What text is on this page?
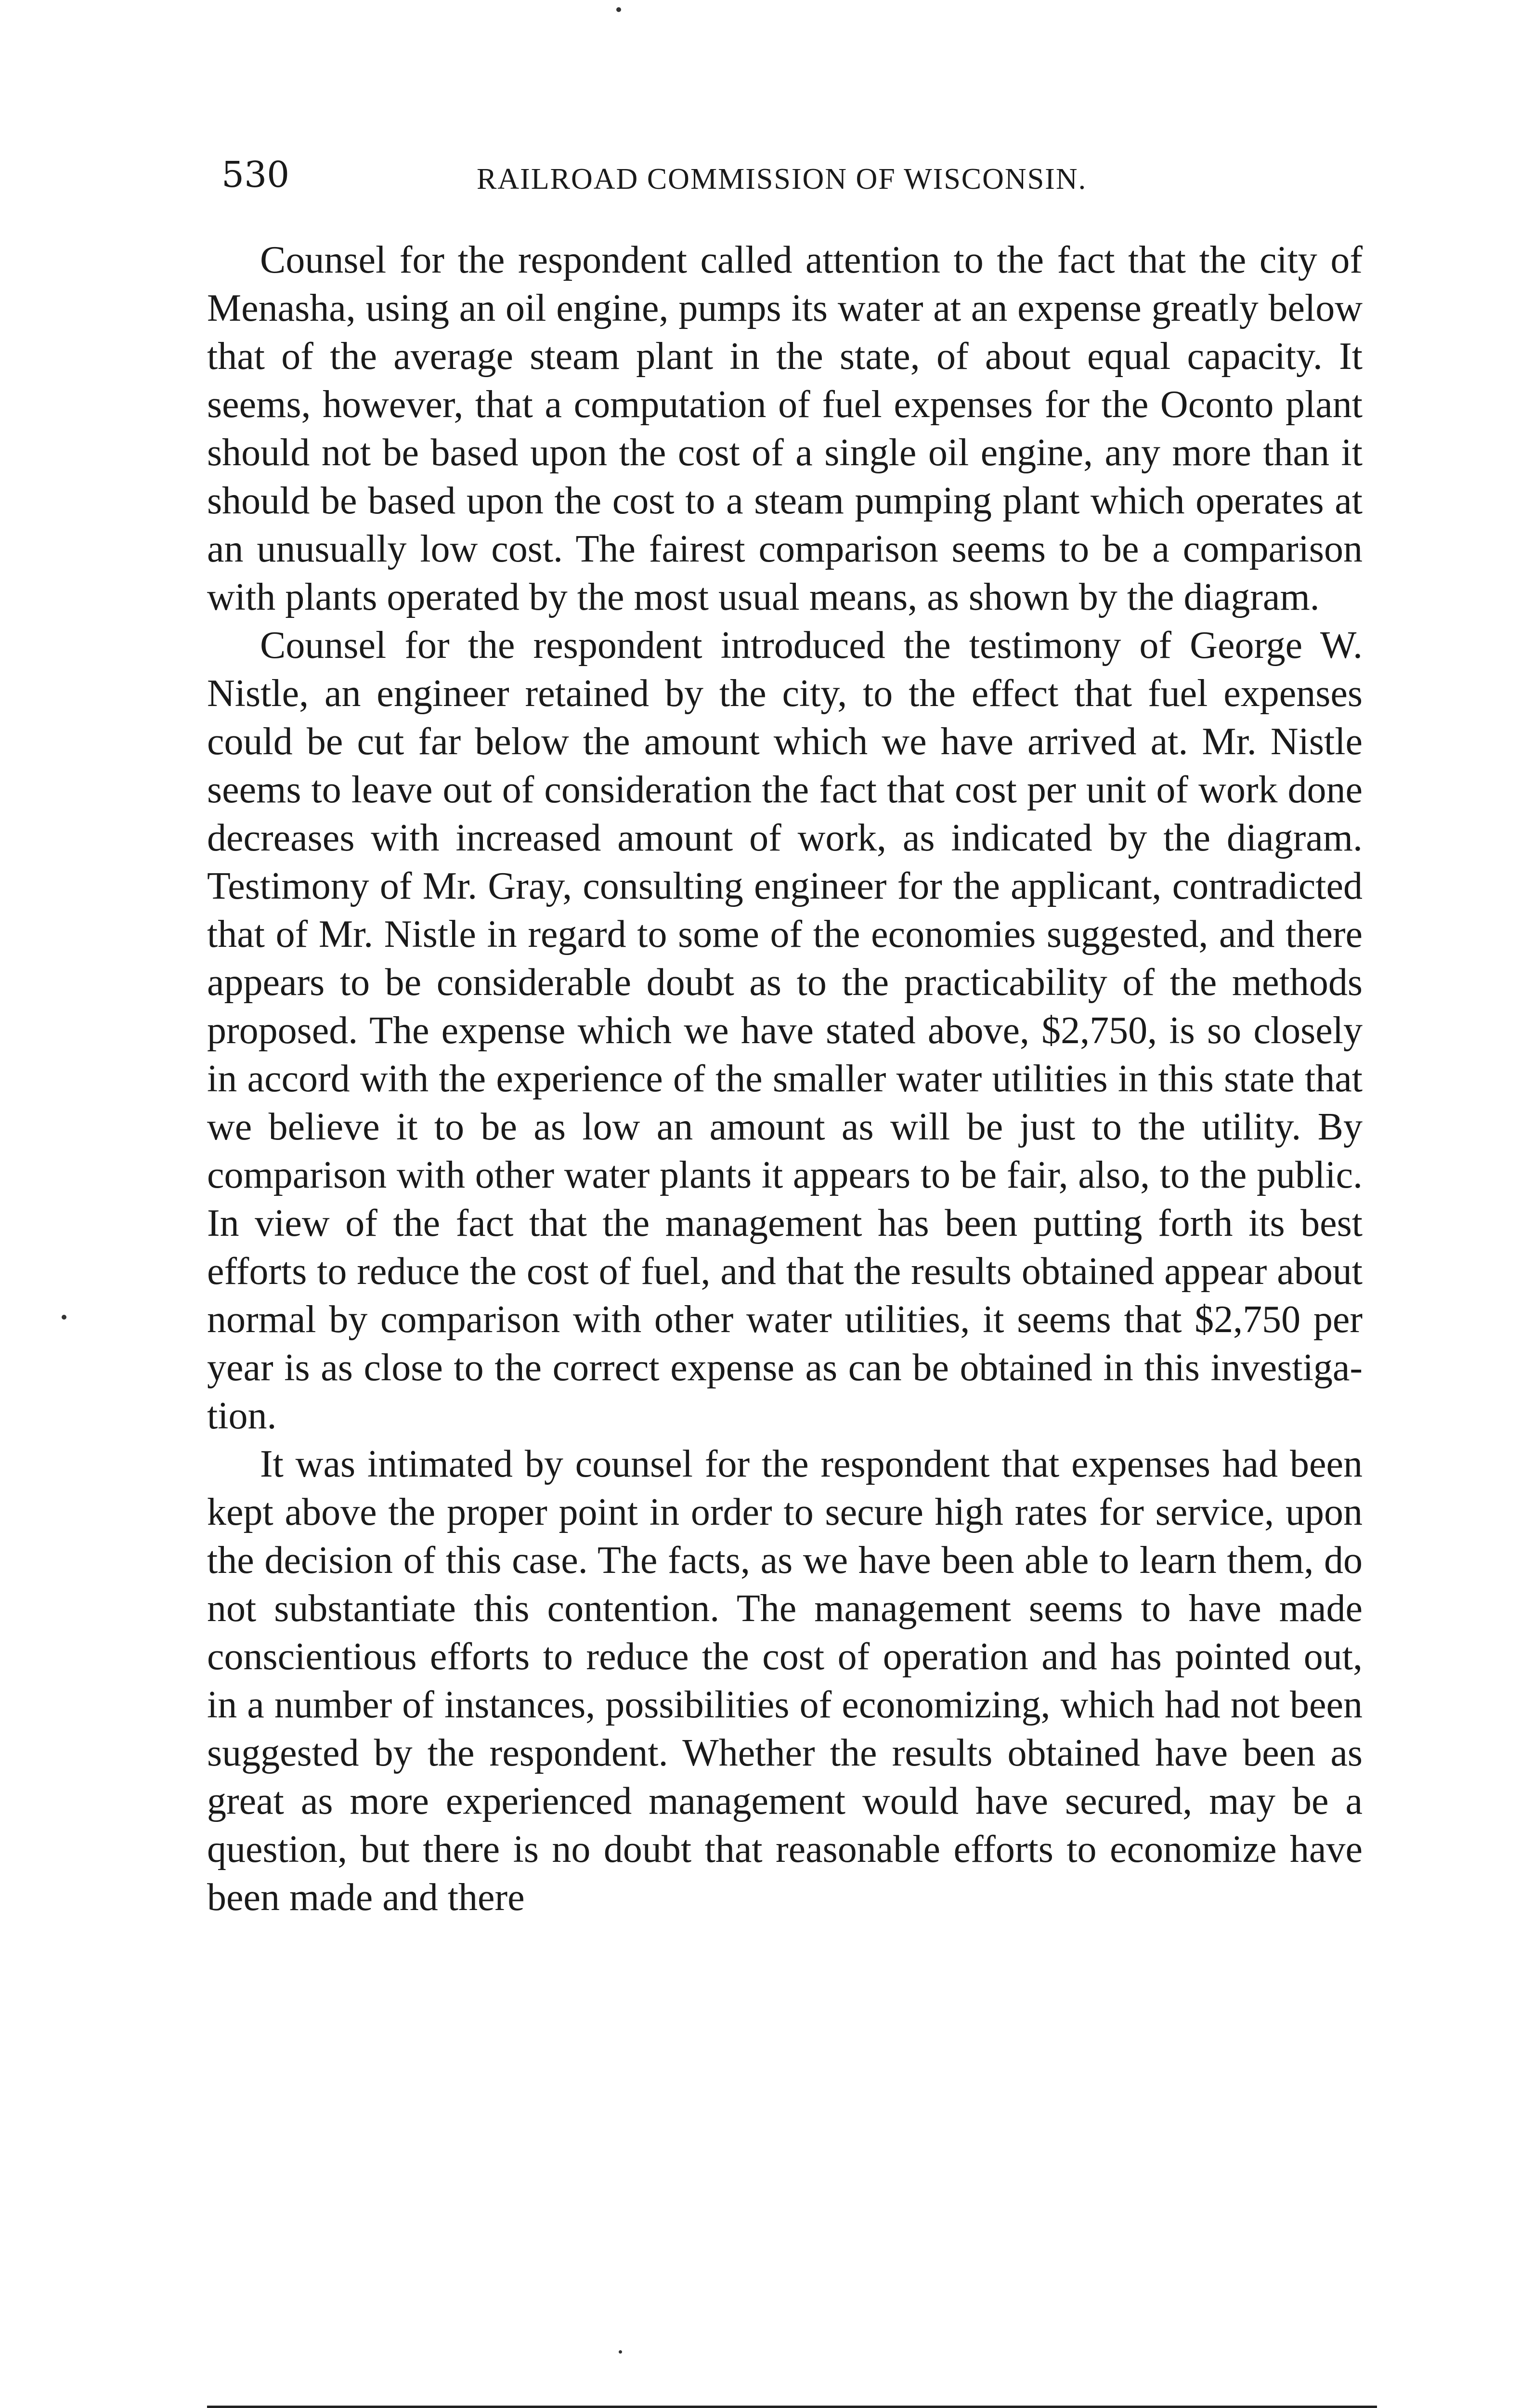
530	RAILROAD COMMISSION OF WISCONSIN.

Counsel for the respondent called attention to the fact that the city of Menasha, using an oil engine, pumps its water at an expense greatly below that of the average steam plant in the state, of about equal capacity. It seems, however, that a computation of fuel expenses for the Oconto plant should not be based upon the cost of a single oil engine, any more than it should be based upon the cost to a steam pumping plant which operates at an unusually low cost. The fairest comparison seems to be a comparison with plants operated by the most usual means, as shown by the diagram.

Counsel for the respondent introduced the testimony of George W. Nistle, an engineer retained by the city, to the effect that fuel expenses could be cut far below the amount which we have arrived at. Mr. Nistle seems to leave out of consideration the fact that cost per unit of work done decreases with increased amount of work, as indicated by the diagram. Testimony of Mr. Gray, consulting engineer for the applicant, contradicted that of Mr. Nistle in regard to some of the economies suggested, and there appears to be considerable doubt as to the practicability of the methods proposed. The expense which we have stated above, $2,750, is so closely in accord with the experience of the smaller water utilities in this state that we believe it to be as low an amount as will be just to the utility. By comparison with other water plants it appears to be fair, also, to the public. In view of the fact that the management has been putting forth its best efforts to reduce the cost of fuel, and that the results obtained appear about normal by comparison with other water utilities, it seems that $2,750 per year is as close to the correct expense as can be obtained in this investigation.

It was intimated by counsel for the respondent that expenses had been kept above the proper point in order to secure high rates for service, upon the decision of this case. The facts, as we have been able to learn them, do not substantiate this contention. The management seems to have made conscientious efforts to reduce the cost of operation and has pointed out, in a number of instances, possibilities of economizing, which had not been suggested by the respondent. Whether the results obtained have been as great as more experienced management would have secured, may be a question, but there is no doubt that reasonable efforts to economize have been made and there
